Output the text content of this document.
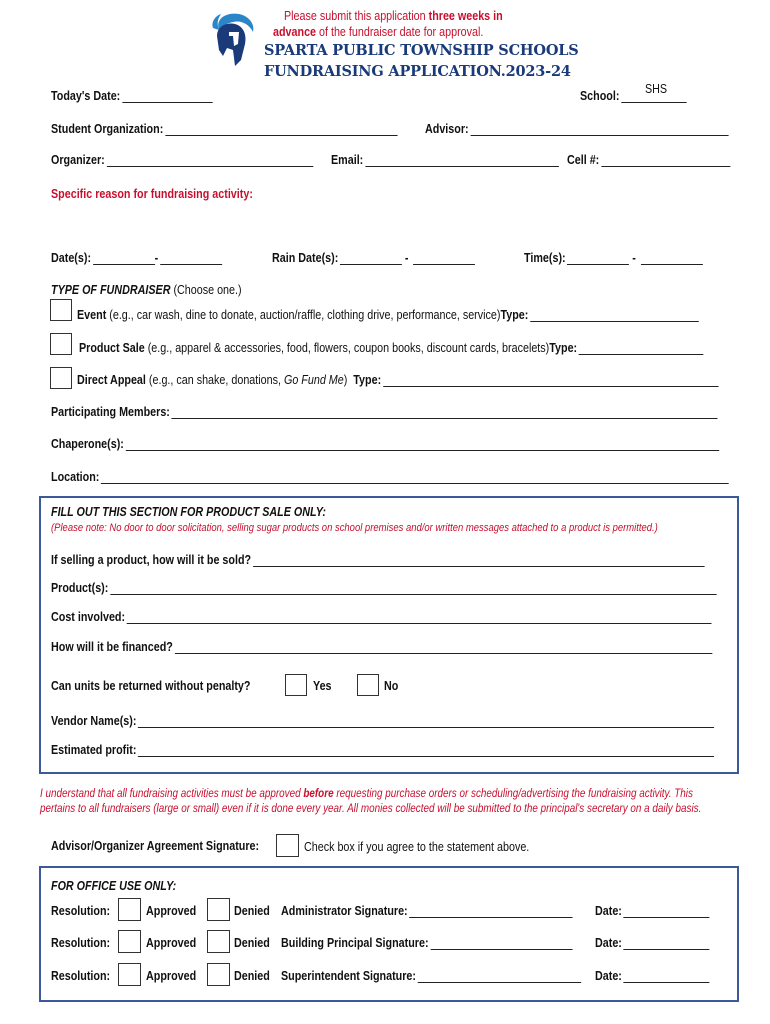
Please submit this application three weeks in
advance of the fundraiser date for approval.
SPARTA PUBLIC TOWNSHIP SCHOOLS
FUNDRAISING APPLICATION.2023-24
Today's Date:	School:	SHS
Student Organization:	Advisor:
Organizer:	Email:	Cell #:
Specific reason for fundraising activity:
Date(s):	-	Rain Date(s):	-	Time(s):	-
TYPE OF FUNDRAISER (Choose one.)
Event (e.g., car wash, dine to donate, auction/raffle, clothing drive, performance, service)Type:
Product Sale (e.g., apparel & accessories, food, flowers, coupon books, discount cards, bracelets)Type:
Direct Appeal (e.g., can shake, donations, Go Fund Me) Type:
Participating Members:
Chaperone(s):
Location:
FILL OUT THIS SECTION FOR PRODUCT SALE ONLY:
(Please note: No door to door solicitation, selling sugar products on school premises and/or written messages attached to a product is permitted.)
If selling a product, how will it be sold?
Product(s):
Cost involved:
How will it be financed?
Can units be returned without penalty?	Yes	No
Vendor Name(s):
Estimated profit:
I understand that all fundraising activities must be approved before requesting purchase orders or scheduling/advertising the fundraising activity. This
pertains to all fundraisers (large or small) even if it is done every year. All monies collected will be submitted to the principal's secretary on a daily basis.
Advisor/Organizer Agreement Signature:	Check box if you agree to the statement above.
FOR OFFICE USE ONLY:
Resolution:	Approved	Denied Administrator Signature:	Date:
Resolution:	Approved	Denied Building Principal Signature:	Date:
Resolution:	Approved	Denied Superintendent Signature:	Date:
